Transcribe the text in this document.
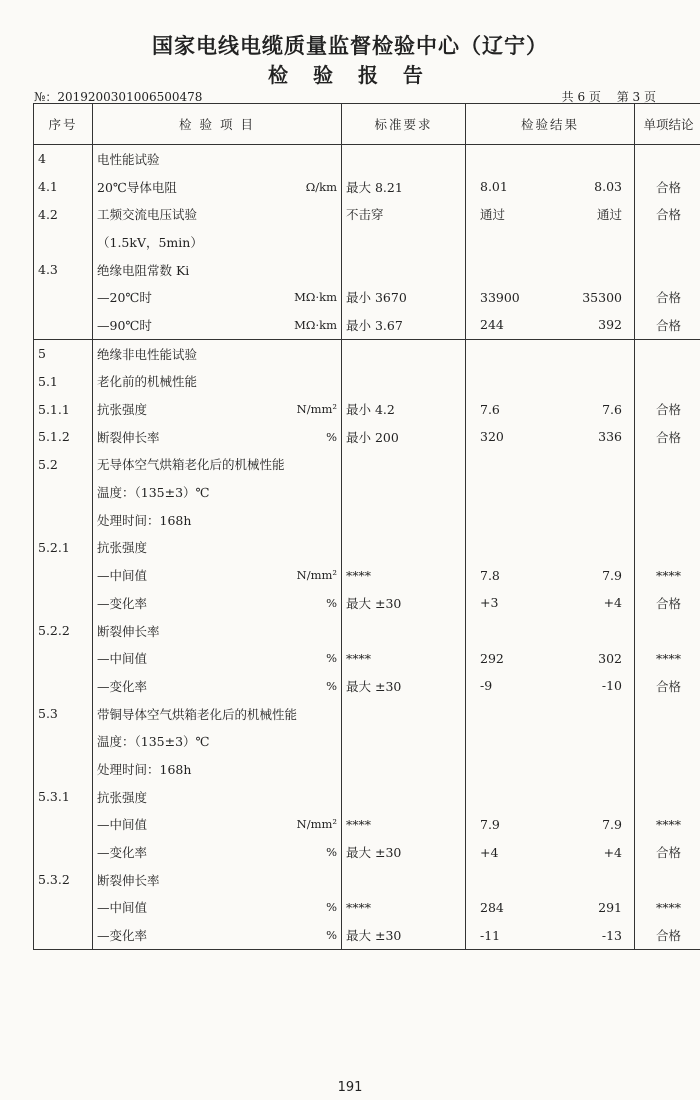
国家电线电缆质量监督检验中心（辽宁）
检 验 报 告
№：2019200301006500478	共 6 页 第 3 页
序号	检 验 项 目	标准要求	检验结果	单项结论
4	电性能试验			

4.1	20℃导体电阻 Ω/km	最大 8.21	8.01 8.03	合格
4.2	工频交流电压试验	不击穿	通过 通过	合格

	（1.5kV，5min）			

4.3	绝缘电阻常数 Ki			

	—20℃时 MΩ·km	最小 3670	33900 35300	合格

	—90℃时 MΩ·km	最小 3.67	244 392	合格
5	绝缘非电性能试验			

5.1	老化前的机械性能			

5.1.1	抗张强度 N/mm²	最小 4.2	7.6 7.6	合格
5.1.2	断裂伸长率 %	最小 200	320 336	合格
5.2	无导体空气烘箱老化后的机械性能			

	温度：（135±3）℃			

	处理时间：168h			

5.2.1	抗张强度			

	—中间值 N/mm²	****	7.8 7.9	****

	—变化率 %	最大 ±30	+3 +4	合格
5.2.2	断裂伸长率			

	—中间值 %	****	292 302	****

	—变化率 %	最大 ±30	-9 -10	合格
5.3	带铜导体空气烘箱老化后的机械性能			

	温度：（135±3）℃			

	处理时间：168h			

5.3.1	抗张强度			

	—中间值 N/mm²	****	7.9 7.9	****

	—变化率 %	最大 ±30	+4 +4	合格
5.3.2	断裂伸长率			

	—中间值 %	****	284 291	****

	—变化率 %	最大 ±30	-11 -13	合格
191
